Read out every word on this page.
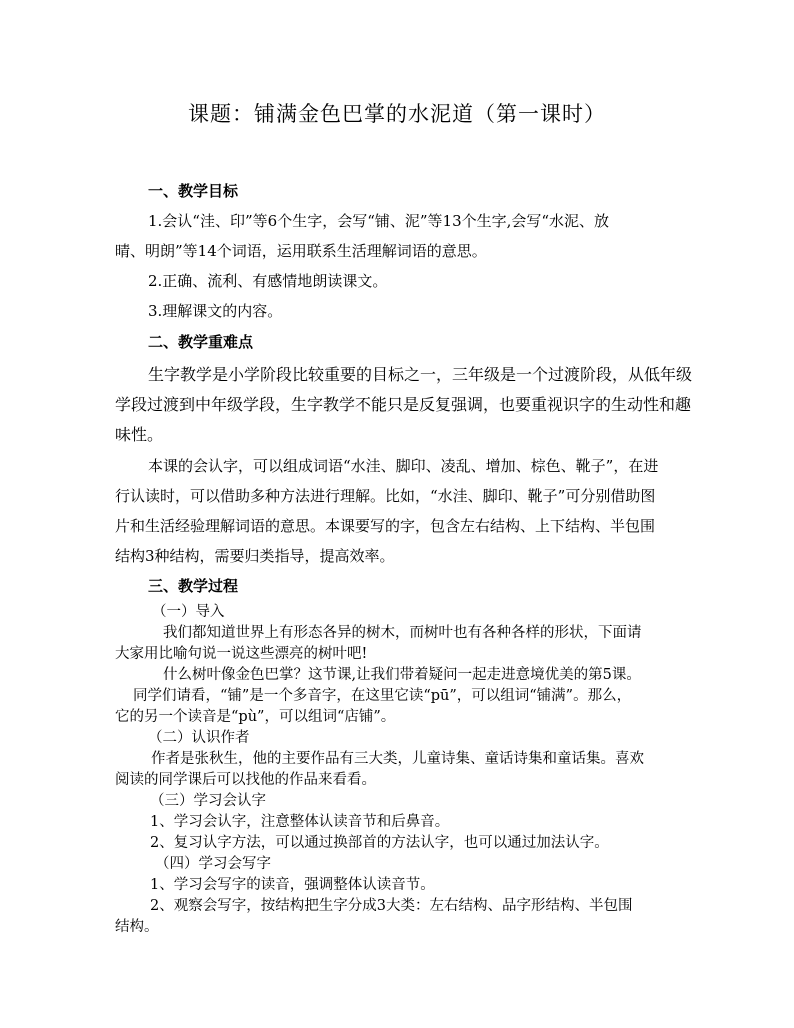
课题：铺满金色巴掌的水泥道（第一课时）
一、教学目标
1.会认“洼、印”等6个生字，会写“铺、泥”等13个生字,会写“水泥、放
晴、明朗”等14个词语，运用联系生活理解词语的意思。
2.正确、流利、有感情地朗读课文。
3.理解课文的内容。
二、教学重难点
生字教学是小学阶段比较重要的目标之一，三年级是一个过渡阶段，从低年级
学段过渡到中年级学段，生字教学不能只是反复强调，也要重视识字的生动性和趣
味性。
本课的会认字，可以组成词语“水洼、脚印、凌乱、增加、棕色、靴子”，在进
行认读时，可以借助多种方法进行理解。比如，“水洼、脚印、靴子”可分别借助图
片和生活经验理解词语的意思。本课要写的字，包含左右结构、上下结构、半包围
结构3种结构，需要归类指导，提高效率。
三、教学过程
（一）导入
我们都知道世界上有形态各异的树木，而树叶也有各种各样的形状，下面请
大家用比喻句说一说这些漂亮的树叶吧!
什么树叶像金色巴掌？这节课,让我们带着疑问一起走进意境优美的第5课。
同学们请看，“铺”是一个多音字，在这里它读“pū”，可以组词“铺满”。那么，
它的另一个读音是“pù”，可以组词“店铺”。
（二）认识作者
作者是张秋生，他的主要作品有三大类，儿童诗集、童话诗集和童话集。喜欢
阅读的同学课后可以找他的作品来看看。
（三）学习会认字
1、学习会认字，注意整体认读音节和后鼻音。
2、复习认字方法，可以通过换部首的方法认字，也可以通过加法认字。
（四）学习会写字
1、学习会写字的读音，强调整体认读音节。
2、观察会写字，按结构把生字分成3大类：左右结构、品字形结构、半包围
结构。
